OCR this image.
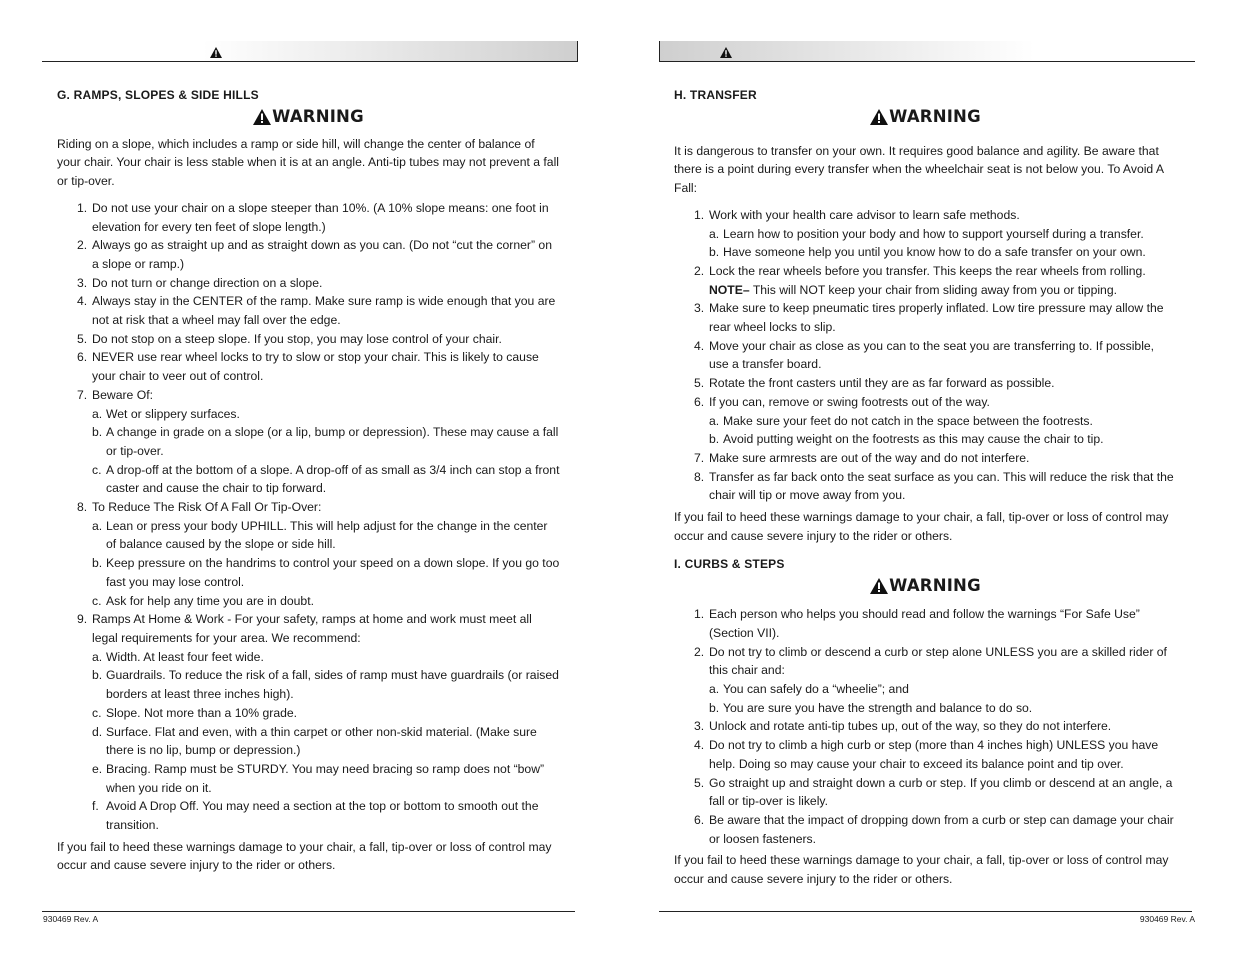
G. RAMPS, SLOPES & SIDE HILLS
WARNING

Riding on a slope, which includes a ramp or side hill, will change the center of balance of your chair. Your chair is less stable when it is at an angle. Anti-tip tubes may not prevent a fall or tip-over.

1. Do not use your chair on a slope steeper than 10%. (A 10% slope means: one foot in elevation for every ten feet of slope length.)
2. Always go as straight up and as straight down as you can. (Do not “cut the corner” on a slope or ramp.)
3. Do not turn or change direction on a slope.
4. Always stay in the CENTER of the ramp. Make sure ramp is wide enough that you are not at risk that a wheel may fall over the edge.
5. Do not stop on a steep slope. If you stop, you may lose control of your chair.
6. NEVER use rear wheel locks to try to slow or stop your chair. This is likely to cause your chair to veer out of control.
7. Beware Of:
a. Wet or slippery surfaces.
b. A change in grade on a slope (or a lip, bump or depression). These may cause a fall or tip-over.
c. A drop-off at the bottom of a slope. A drop-off of as small as 3/4 inch can stop a front caster and cause the chair to tip forward.
8. To Reduce The Risk Of A Fall Or Tip-Over:
a. Lean or press your body UPHILL. This will help adjust for the change in the center of balance caused by the slope or side hill.
b. Keep pressure on the handrims to control your speed on a down slope. If you go too fast you may lose control.
c. Ask for help any time you are in doubt.
9. Ramps At Home & Work - For your safety, ramps at home and work must meet all legal requirements for your area. We recommend:
a. Width. At least four feet wide.
b. Guardrails. To reduce the risk of a fall, sides of ramp must have guardrails (or raised borders at least three inches high).
c. Slope. Not more than a 10% grade.
d. Surface. Flat and even, with a thin carpet or other non-skid material. (Make sure there is no lip, bump or depression.)
e. Bracing. Ramp must be STURDY. You may need bracing so ramp does not “bow” when you ride on it.
f. Avoid A Drop Off. You may need a section at the top or bottom to smooth out the transition.

If you fail to heed these warnings damage to your chair, a fall, tip-over or loss of control may occur and cause severe injury to the rider or others.

930469 Rev. A
H. TRANSFER
WARNING

It is dangerous to transfer on your own. It requires good balance and agility. Be aware that there is a point during every transfer when the wheelchair seat is not below you. To Avoid A Fall:

1. Work with your health care advisor to learn safe methods.
a. Learn how to position your body and how to support yourself during a transfer.
b. Have someone help you until you know how to do a safe transfer on your own.
2. Lock the rear wheels before you transfer. This keeps the rear wheels from rolling.
NOTE– This will NOT keep your chair from sliding away from you or tipping.
3. Make sure to keep pneumatic tires properly inflated. Low tire pressure may allow the rear wheel locks to slip.
4. Move your chair as close as you can to the seat you are transferring to. If possible, use a transfer board.
5. Rotate the front casters until they are as far forward as possible.
6. If you can, remove or swing footrests out of the way.
a. Make sure your feet do not catch in the space between the footrests.
b. Avoid putting weight on the footrests as this may cause the chair to tip.
7. Make sure armrests are out of the way and do not interfere.
8. Transfer as far back onto the seat surface as you can. This will reduce the risk that the chair will tip or move away from you.

If you fail to heed these warnings damage to your chair, a fall, tip-over or loss of control may occur and cause severe injury to the rider or others.

I. CURBS & STEPS
WARNING
1. Each person who helps you should read and follow the warnings “For Safe Use” (Section VII).
2. Do not try to climb or descend a curb or step alone UNLESS you are a skilled rider of this chair and:
a. You can safely do a “wheelie”; and
b. You are sure you have the strength and balance to do so.
3. Unlock and rotate anti-tip tubes up, out of the way, so they do not interfere.
4. Do not try to climb a high curb or step (more than 4 inches high) UNLESS you have help. Doing so may cause your chair to exceed its balance point and tip over.
5. Go straight up and straight down a curb or step. If you climb or descend at an angle, a fall or tip-over is likely.
6. Be aware that the impact of dropping down from a curb or step can damage your chair or loosen fasteners.

If you fail to heed these warnings damage to your chair, a fall, tip-over or loss of control may occur and cause severe injury to the rider or others.

930469 Rev. A
